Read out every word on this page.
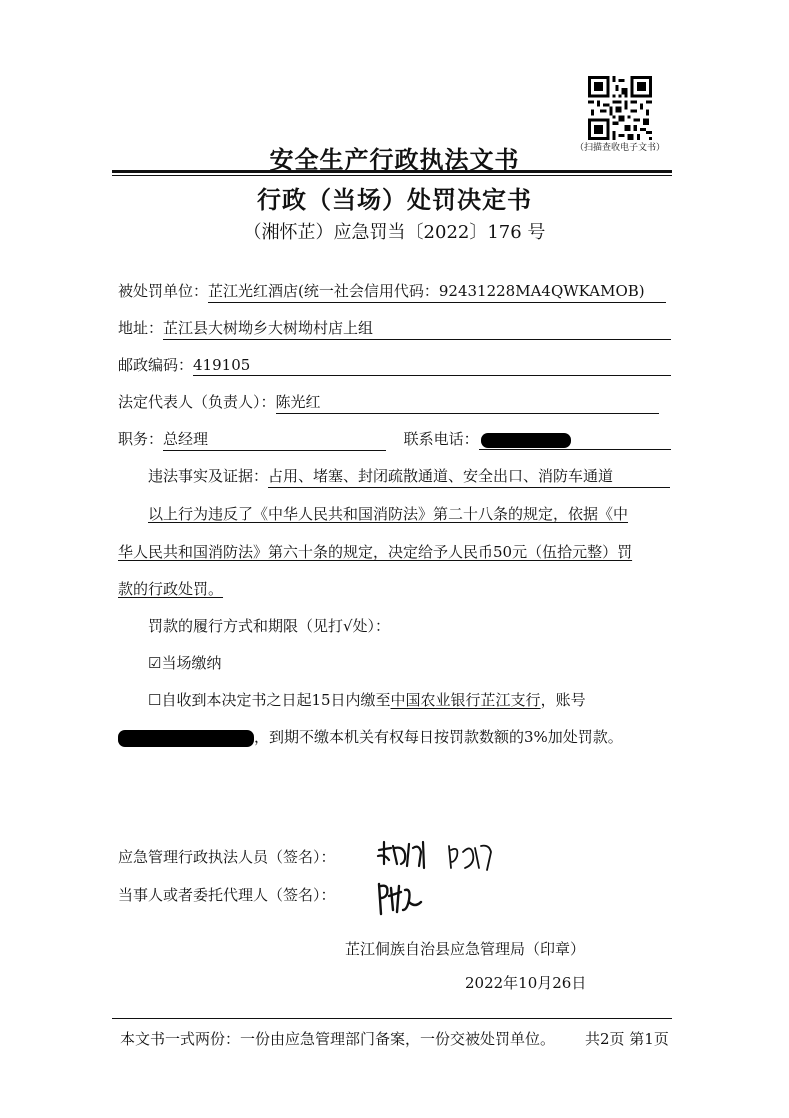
（扫描查收电子文书）
安全生产行政执法文书
行政（当场）处罚决定书
（湘怀芷）应急罚当〔2022〕176 号
被处罚单位：芷江光红酒店(统一社会信用代码：92431228MA4QWKAMOB)
地址：芷江县大树坳乡大树坳村店上组
邮政编码：419105
法定代表人（负责人）：陈光红
职务：总经理	联系电话：
违法事实及证据：占用、堵塞、封闭疏散通道、安全出口、消防车通道
以上行为违反了《中华人民共和国消防法》第二十八条的规定，依据《中
华人民共和国消防法》第六十条的规定，决定给予人民币50元（伍拾元整）罚
款的行政处罚。
罚款的履行方式和期限（见打√处）：
☑当场缴纳
☐自收到本决定书之日起15日内缴至中国农业银行芷江支行，账号
，到期不缴本机关有权每日按罚款数额的3%加处罚款。
应急管理行政执法人员（签名）：
当事人或者委托代理人（签名）：
芷江侗族自治县应急管理局（印章）
2022年10月26日
本文书一式两份：一份由应急管理部门备案，一份交被处罚单位。 共2页 第1页
